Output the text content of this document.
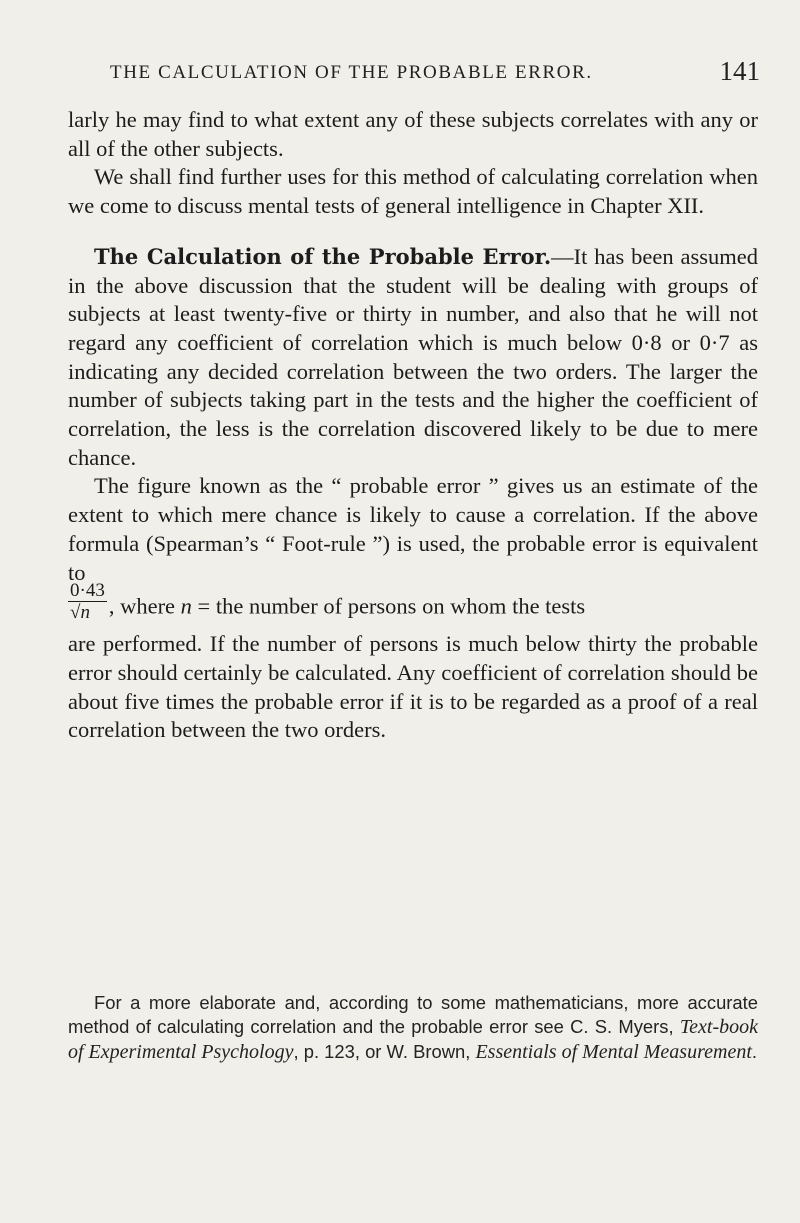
THE CALCULATION OF THE PROBABLE ERROR.	141

larly he may find to what extent any of these subjects correlates with any or all of the other subjects.

We shall find further uses for this method of calculating correlation when we come to discuss mental tests of general intelligence in Chapter XII.

The Calculation of the Probable Error.—It has been assumed in the above discussion that the student will be dealing with groups of subjects at least twenty-five or thirty in number, and also that he will not regard any coefficient of correlation which is much below 0·8 or 0·7 as indicating any decided correlation between the two orders. The larger the number of subjects taking part in the tests and the higher the coefficient of correlation, the less is the correlation discovered likely to be due to mere chance.

The figure known as the “ probable error ” gives us an estimate of the extent to which mere chance is likely to cause a correlation. If the above formula (Spearman’s “ Foot-rule ”) is used, the probable error is equivalent to

$\frac{0\cdot 43}{√n}$ , where n = the number of persons on whom the tests

are performed. If the number of persons is much below thirty the probable error should certainly be calculated. Any coefficient of correlation should be about five times the probable error if it is to be regarded as a proof of a real correlation between the two orders.

For a more elaborate and, according to some mathematicians, more accurate method of calculating correlation and the probable error see C. S. Myers, Text-book of Experimental Psychology, p. 123, or W. Brown, Essentials of Mental Measurement.
